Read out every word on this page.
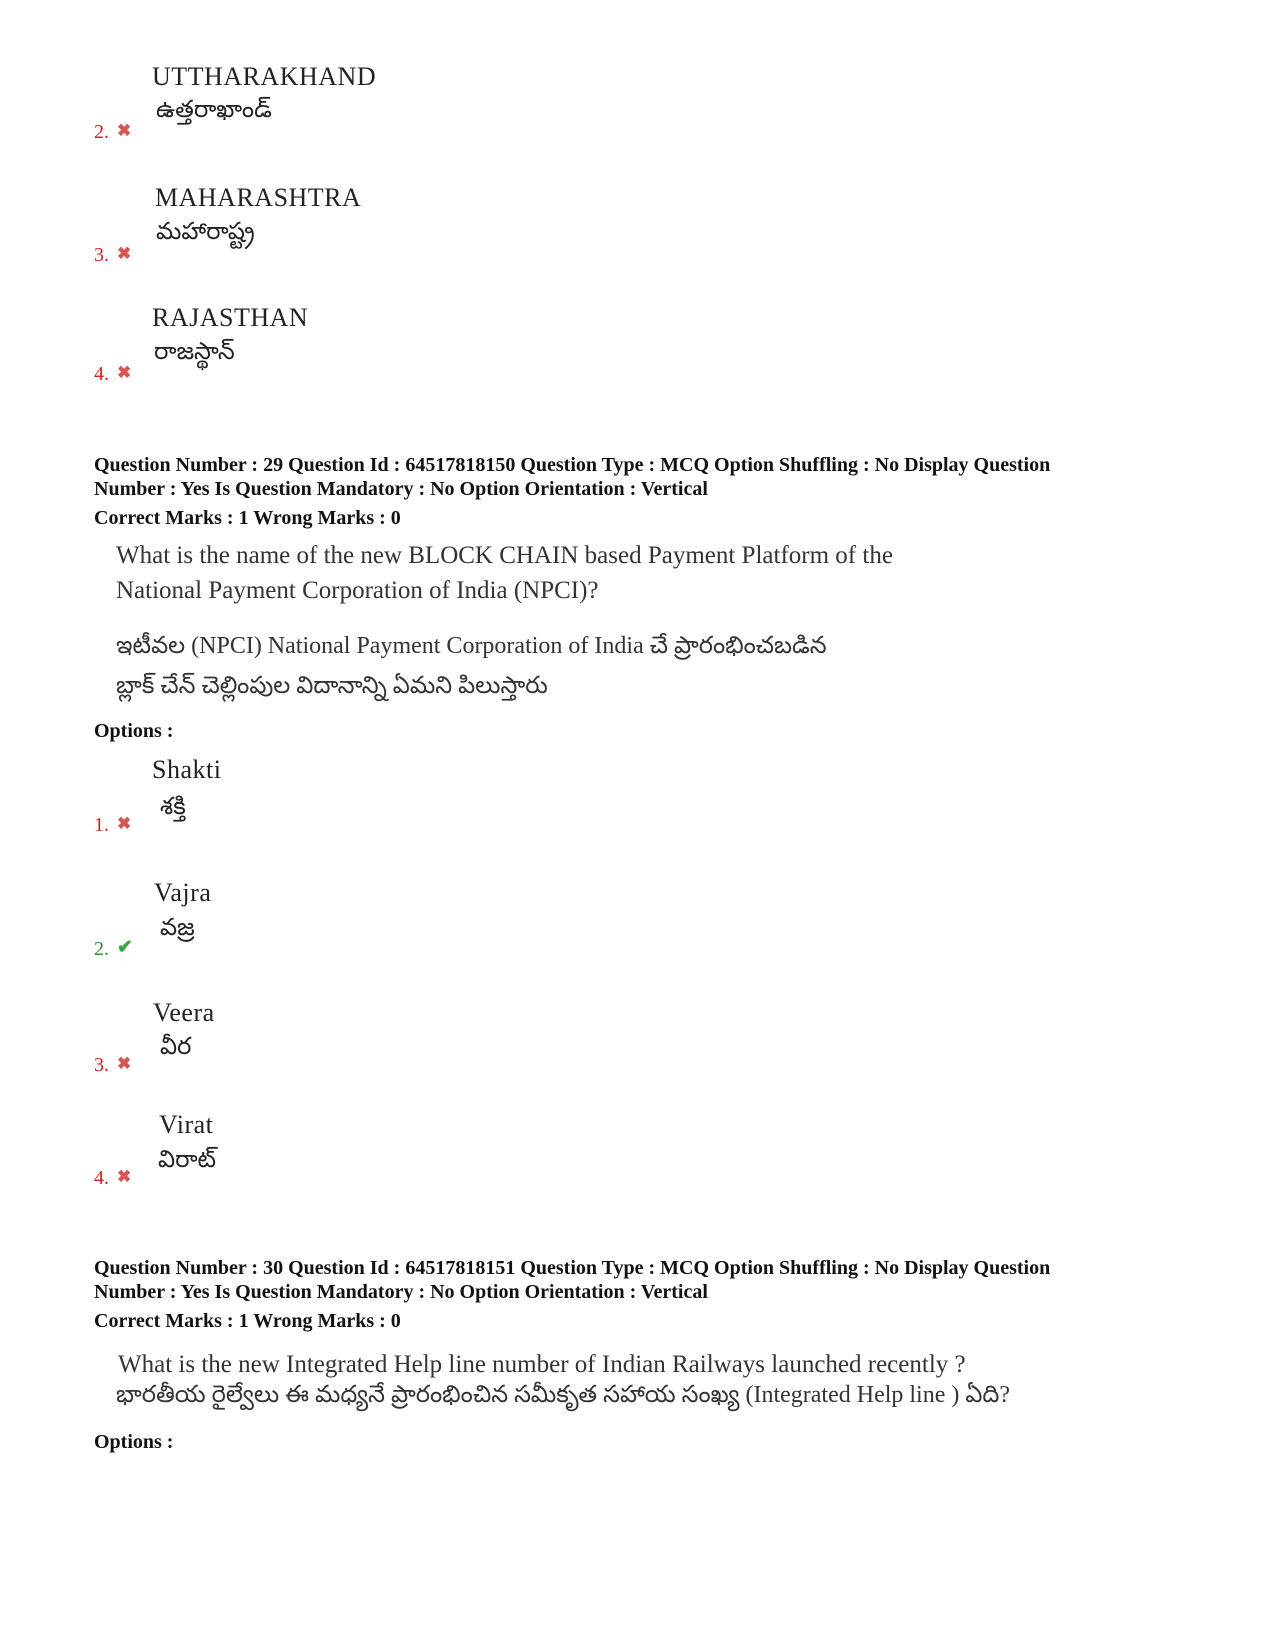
UTTHARAKHAND
ఉత్తరాఖాండ్
2. ✖
MAHARASHTRA
మహారాష్ట్ర
3. ✖
RAJASTHAN
రాజస్థాన్
4. ✖
Question Number : 29 Question Id : 64517818150 Question Type : MCQ Option Shuffling : No Display Question
Number : Yes Is Question Mandatory : No Option Orientation : Vertical
Correct Marks : 1 Wrong Marks : 0
What is the name of the new BLOCK CHAIN based Payment Platform of the
National Payment Corporation of India (NPCI)?
ఇటీవల (NPCI) National Payment Corporation of India చే ప్రారంభించబడిన
బ్లాక్ చేన్ చెల్లింపుల విదానాన్ని ఏమని పిలుస్తారు
Options :
Shakti
శక్తి
1. ✖
Vajra
వజ్ర
2. ✔
Veera
వీర
3. ✖
Virat
విరాట్
4. ✖
Question Number : 30 Question Id : 64517818151 Question Type : MCQ Option Shuffling : No Display Question
Number : Yes Is Question Mandatory : No Option Orientation : Vertical
Correct Marks : 1 Wrong Marks : 0
What is the new Integrated Help line number of Indian Railways launched recently ?
భారతీయ రైల్వేలు ఈ మధ్యనే ప్రారంభించిన సమీకృత సహాయ సంఖ్య (Integrated Help line ) ఏది?
Options :
